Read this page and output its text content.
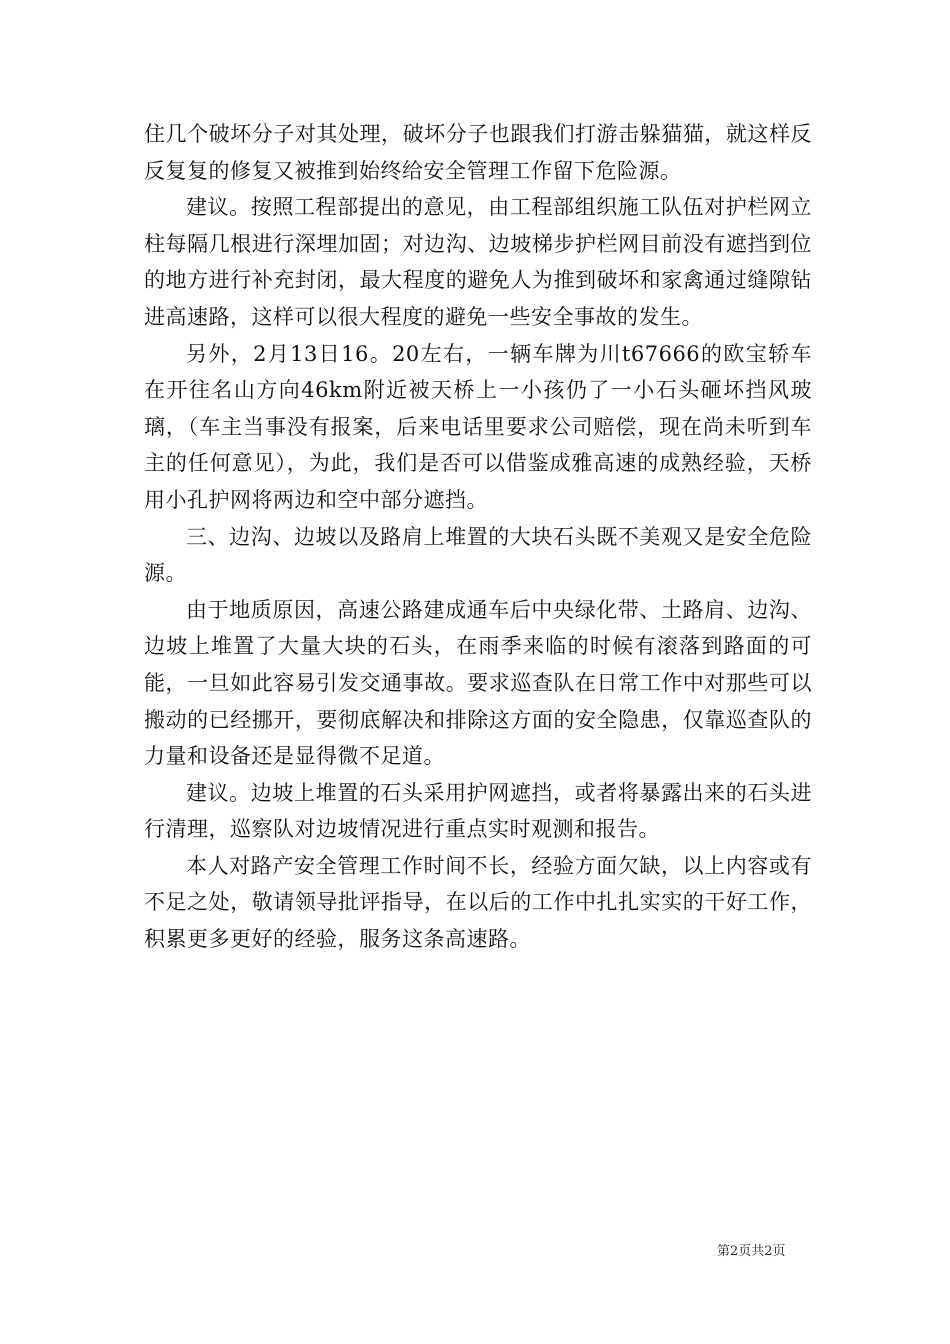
住几个破坏分子对其处理，破坏分子也跟我们打游击躲猫猫，就这样反反复复的修复又被推到始终给安全管理工作留下危险源。

建议。按照工程部提出的意见，由工程部组织施工队伍对护栏网立柱每隔几根进行深埋加固；对边沟、边坡梯步护栏网目前没有遮挡到位的地方进行补充封闭，最大程度的避免人为推到破坏和家禽通过缝隙钻进高速路，这样可以很大程度的避免一些安全事故的发生。

另外，2月13日16。20左右，一辆车牌为川t67666的欧宝轿车在开往名山方向46km附近被天桥上一小孩仍了一小石头砸坏挡风玻璃，（车主当事没有报案，后来电话里要求公司赔偿，现在尚未听到车主的任何意见），为此，我们是否可以借鉴成雅高速的成熟经验，天桥用小孔护网将两边和空中部分遮挡。

三、边沟、边坡以及路肩上堆置的大块石头既不美观又是安全危险源。

由于地质原因，高速公路建成通车后中央绿化带、土路肩、边沟、边坡上堆置了大量大块的石头，在雨季来临的时候有滚落到路面的可能，一旦如此容易引发交通事故。要求巡查队在日常工作中对那些可以搬动的已经挪开，要彻底解决和排除这方面的安全隐患，仅靠巡查队的力量和设备还是显得微不足道。

建议。边坡上堆置的石头采用护网遮挡，或者将暴露出来的石头进行清理，巡察队对边坡情况进行重点实时观测和报告。

本人对路产安全管理工作时间不长，经验方面欠缺，以上内容或有不足之处，敬请领导批评指导，在以后的工作中扎扎实实的干好工作，积累更多更好的经验，服务这条高速路。

第2页共2页
